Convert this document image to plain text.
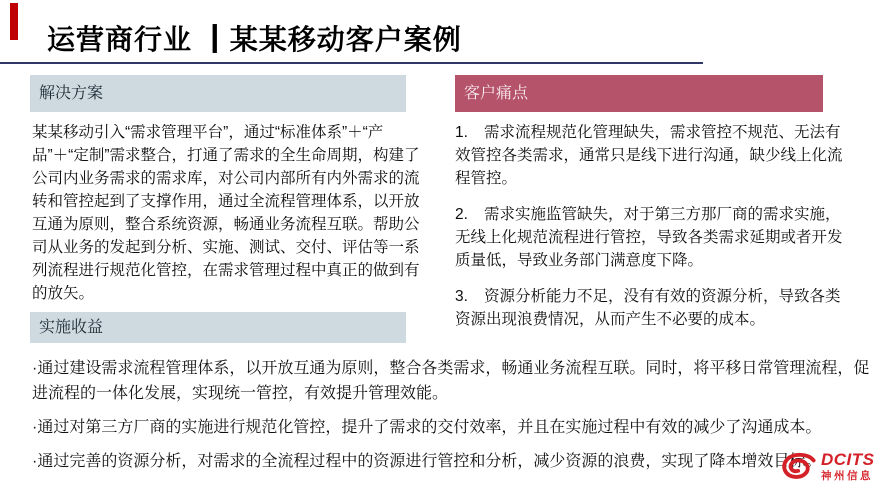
运营商行业 ┃某某移动客户案例
解决方案

某某移动引入“需求管理平台”，通过“标准体系”＋“产品”＋“定制”需求整合，打通了需求的全生命周期，构建了公司内业务需求的需求库，对公司内部所有内外需求的流转和管控起到了支撑作用，通过全流程管理体系，以开放互通为原则，整合系统资源，畅通业务流程互联。帮助公司从业务的发起到分析、实施、测试、交付、评估等一系列流程进行规范化管控，在需求管理过程中真正的做到有的放矢。

客户痛点

1. 需求流程规范化管理缺失，需求管控不规范、无法有效管控各类需求，通常只是线下进行沟通，缺少线上化流程管控。

2. 需求实施监管缺失，对于第三方那厂商的需求实施，无线上化规范流程进行管控，导致各类需求延期或者开发质量低，导致业务部门满意度下降。

3. 资源分析能力不足，没有有效的资源分析，导致各类资源出现浪费情况，从而产生不必要的成本。

实施收益

·通过建设需求流程管理体系，以开放互通为原则，整合各类需求，畅通业务流程互联。同时，将平移日常管理流程，促进流程的一体化发展，实现统一管控，有效提升管理效能。

·通过对第三方厂商的实施进行规范化管控，提升了需求的交付效率，并且在实施过程中有效的减少了沟通成本。

·通过完善的资源分析，对需求的全流程过程中的资源进行管控和分析，减少资源的浪费，实现了降本增效目标。 DCITS
神州信息
